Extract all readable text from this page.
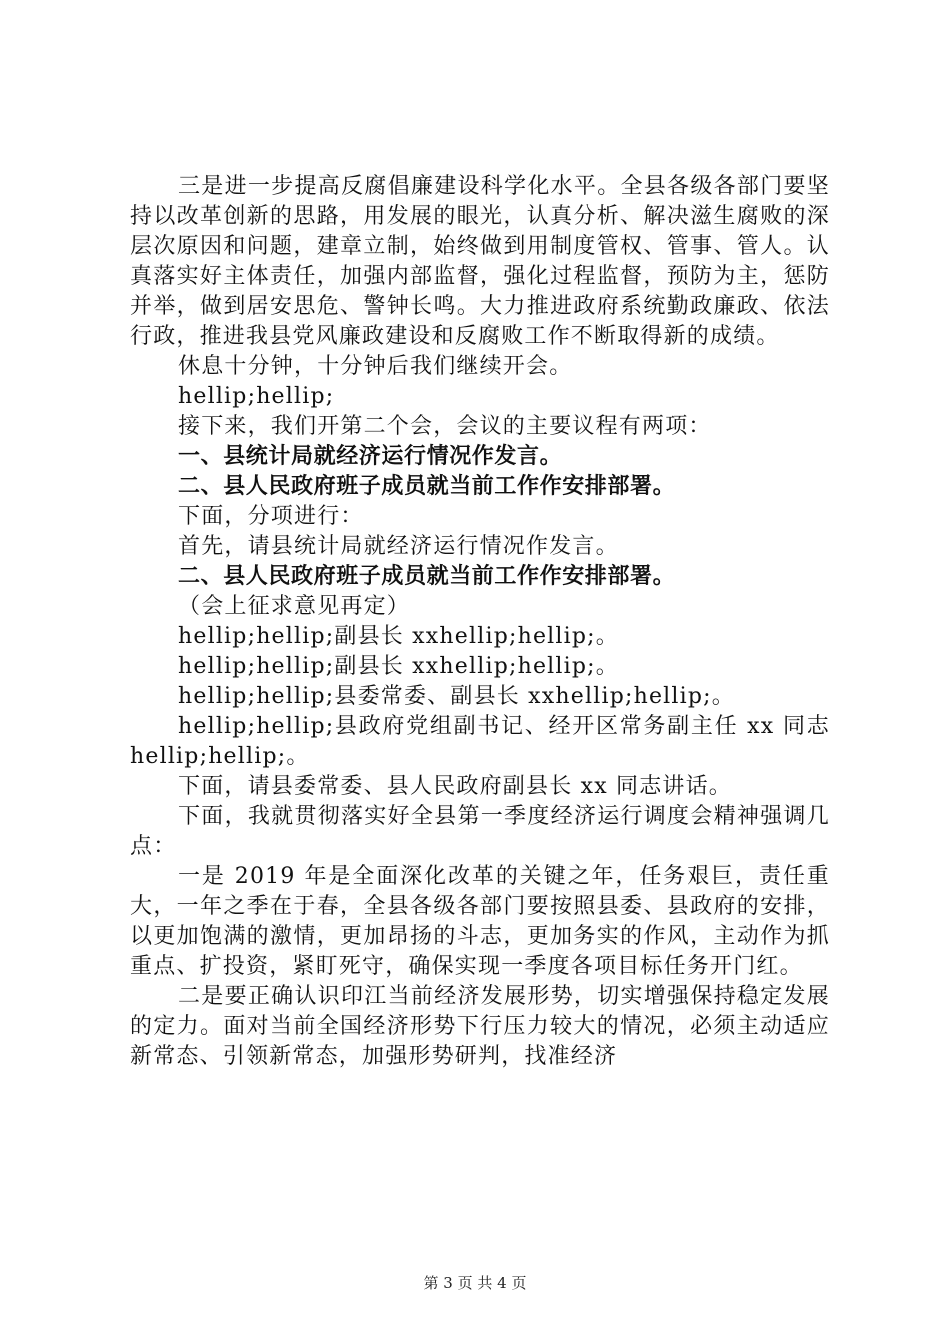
三是进一步提高反腐倡廉建设科学化水平。全县各级各部门要坚持以改革创新的思路，用发展的眼光，认真分析、解决滋生腐败的深层次原因和问题，建章立制，始终做到用制度管权、管事、管人。认真落实好主体责任，加强内部监督，强化过程监督，预防为主，惩防并举，做到居安思危、警钟长鸣。大力推进政府系统勤政廉政、依法行政，推进我县党风廉政建设和反腐败工作不断取得新的成绩。

休息十分钟，十分钟后我们继续开会。

hellip;hellip;

接下来，我们开第二个会，会议的主要议程有两项：

一、县统计局就经济运行情况作发言。

二、县人民政府班子成员就当前工作作安排部署。

下面，分项进行：

首先，请县统计局就经济运行情况作发言。

二、县人民政府班子成员就当前工作作安排部署。

（会上征求意见再定）

hellip;hellip;副县长 xxhellip;hellip;。

hellip;hellip;副县长 xxhellip;hellip;。

hellip;hellip;县委常委、副县长 xxhellip;hellip;。

hellip;hellip;县政府党组副书记、经开区常务副主任 xx 同志 hellip;hellip;。

下面，请县委常委、县人民政府副县长 xx 同志讲话。

下面，我就贯彻落实好全县第一季度经济运行调度会精神强调几点：

一是 2019 年是全面深化改革的关键之年，任务艰巨，责任重大，一年之季在于春，全县各级各部门要按照县委、县政府的安排，以更加饱满的激情，更加昂扬的斗志，更加务实的作风，主动作为抓重点、扩投资，紧盯死守，确保实现一季度各项目标任务开门红。

二是要正确认识印江当前经济发展形势，切实增强保持稳定发展的定力。面对当前全国经济形势下行压力较大的情况，必须主动适应新常态、引领新常态，加强形势研判，找准经济

第 3 页 共 4 页
